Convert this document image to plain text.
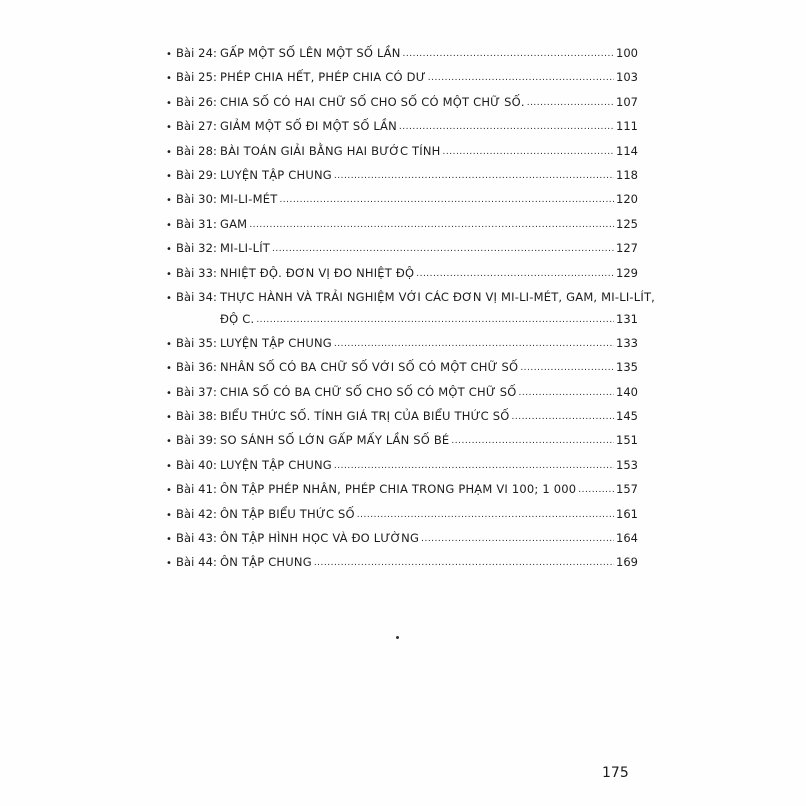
• Bài 24: GẤP MỘT SỐ LÊN MỘT SỐ LẦN .....	100
• Bài 25: PHÉP CHIA HẾT, PHÉP CHIA CÓ DƯ .....	103
• Bài 26: CHIA SỐ CÓ HAI CHỮ SỐ CHO SỐ CÓ MỘT CHỮ SỐ. .....	107
• Bài 27: GIẢM MỘT SỐ ĐI MỘT SỐ LẦN .....	111
• Bài 28: BÀI TOÁN GIẢI BẰNG HAI BƯỚC TÍNH .....	114
• Bài 29: LUYỆN TẬP CHUNG .....	118
• Bài 30: MI-LI-MÉT .....	120
• Bài 31: GAM .....	125
• Bài 32: MI-LI-LÍT .....	127
• Bài 33: NHIỆT ĐỘ. ĐƠN VỊ ĐO NHIỆT ĐỘ .....	129
• Bài 34: THỰC HÀNH VÀ TRẢI NGHIỆM VỚI CÁC ĐƠN VỊ MI-LI-MÉT, GAM, MI-LI-LÍT,
ĐỘ C. .....	131
• Bài 35: LUYỆN TẬP CHUNG .....	133
• Bài 36: NHÂN SỐ CÓ BA CHỮ SỐ VỚI SỐ CÓ MỘT CHỮ SỐ .....	135
• Bài 37: CHIA SỐ CÓ BA CHỮ SỐ CHO SỐ CÓ MỘT CHỮ SỐ .....	140
• Bài 38: BIỂU THỨC SỐ. TÍNH GIÁ TRỊ CỦA BIỂU THỨC SỐ .....	145
• Bài 39: SO SÁNH SỐ LỚN GẤP MẤY LẦN SỐ BÉ .....	151
• Bài 40: LUYỆN TẬP CHUNG .....	153
• Bài 41: ÔN TẬP PHÉP NHÂN, PHÉP CHIA TRONG PHẠM VI 100; 1 000 .....	157
• Bài 42: ÔN TẬP BIỂU THỨC SỐ .....	161
• Bài 43: ÔN TẬP HÌNH HỌC VÀ ĐO LƯỜNG .....	164
• Bài 44: ÔN TẬP CHUNG .....	169
175
